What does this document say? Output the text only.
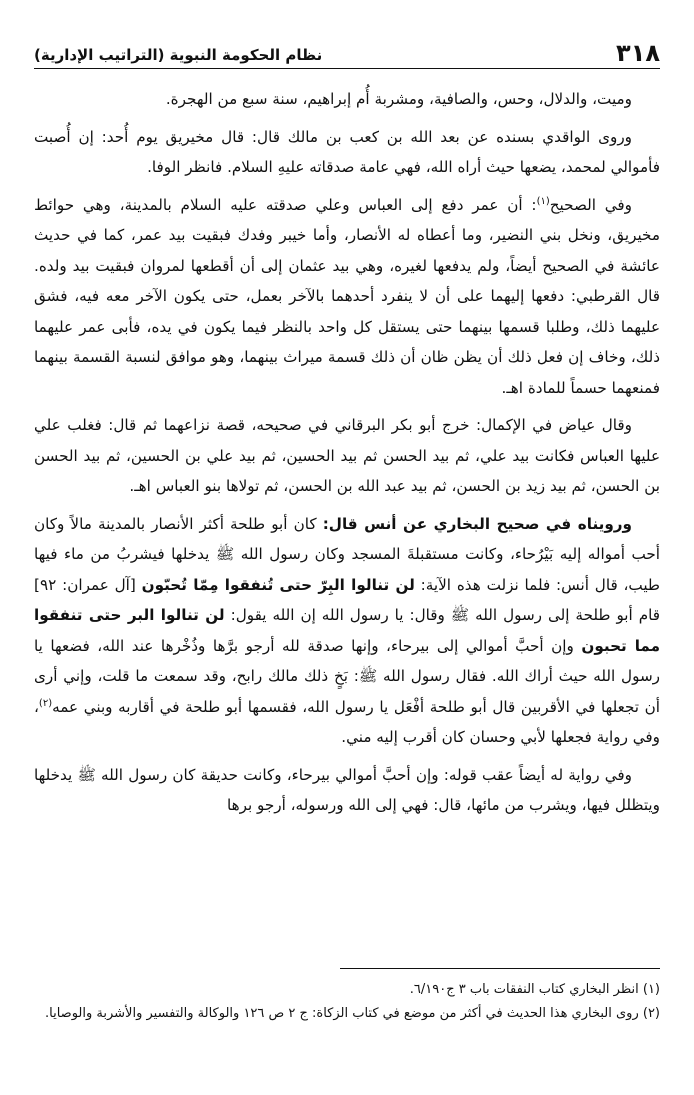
٣١٨
نظام الحكومة النبوية (التراتيب الإدارية)

وميت، والدلال، وحس، والصافية، ومشربة أُم إبراهيم، سنة سبع من الهجرة.

وروى الواقدي بسنده عن بعد الله بن كعب بن مالك قال: قال مخيريق يوم أُحد: إن أُصبت فأموالي لمحمد، يضعها حيث أراه الله، فهي عامة صدقاته عليهِ السلام. فانظر الوفا.

وفي الصحيح$^{(١)}$: أن عمر دفع إلى العباس وعلي صدقته عليه السلام بالمدينة، وهي حوائط مخيريق، ونخل بني النضير، وما أعطاه له الأنصار، وأما خيبر وفدك فبقيت بيد عمر، كما في حديث عائشة في الصحيح أيضاً، ولم يدفعها لغيره، وهي بيد عثمان إلى أن أقطعها لمروان فبقيت بيد ولده. قال القرطبي: دفعها إليهما على أن لا ينفرد أحدهما بالآخر بعمل، حتى يكون الآخر معه فيه، فشق عليهما ذلك، وطلبا قسمها بينهما حتى يستقل كل واحد بالنظر فيما يكون في يده، فأبى عمر عليهما ذلك، وخاف إن فعل ذلك أن يظن ظان أن ذلك قسمة ميراث بينهما، وهو موافق لنسبة القسمة بينهما فمنعهما حسماً للمادة اهـ.

وقال عياض في الإكمال: خرج أبو بكر البرقاني في صحيحه، قصة نزاعهما ثم قال: فغلب علي عليها العباس فكانت بيد علي، ثم بيد الحسن ثم بيد الحسين، ثم بيد علي بن الحسين، ثم بيد الحسن بن الحسن، ثم بيد زيد بن الحسن، ثم بيد عبد الله بن الحسن، ثم تولاها بنو العباس اهـ.

ورويناه في صحيح البخاري عن أنس قال: كان أبو طلحة أكثر الأنصار بالمدينة مالاً وكان أحب أمواله إليه بَيْرُحاء، وكانت مستقبلةَ المسجد وكان رسول الله ﷺ يدخلها فيشربُ من ماء فيها طيب، قال أنس: فلما نزلت هذه الآية: لن تنالوا البِرّ حتى تُنفقوا مِمّا تُحبّون [آل عمران: ٩٢] قام أبو طلحة إلى رسول الله ﷺ وقال: يا رسول الله إن الله يقول: لن تنالوا البر حتى تنفقوا مما تحبون وإن أحبَّ أموالي إلى بيرحاء، وإنها صدقة لله أرجو برَّها وذُخْرها عند الله، فضعها يا رسول الله حيث أراك الله. فقال رسول الله ﷺ: بَخٍ ذلك مالك رابح، وقد سمعت ما قلت، وإني أرى أن تجعلها في الأقربين قال أبو طلحة أفْعَل يا رسول الله، فقسمها أبو طلحة في أقاربه وبني عمه$^{(٢)}$، وفي رواية فجعلها لأبي وحسان كان أقرب إليه مني.

وفي رواية له أيضاً عقب قوله: وإن أحبَّ أموالي بيرحاء، وكانت حديقة كان رسول الله ﷺ يدخلها ويتظلل فيها، ويشرب من مائها، قال: فهي إلى الله ورسوله، أرجو برها

(١) انظر البخاري كتاب النفقات باب ٣ ج٦/١٩٠.

(٢) روى البخاري هذا الحديث في أكثر من موضع في كتاب الزكاة: ج ٢ ص ١٢٦ والوكالة والتفسير والأشربة والوصايا.
